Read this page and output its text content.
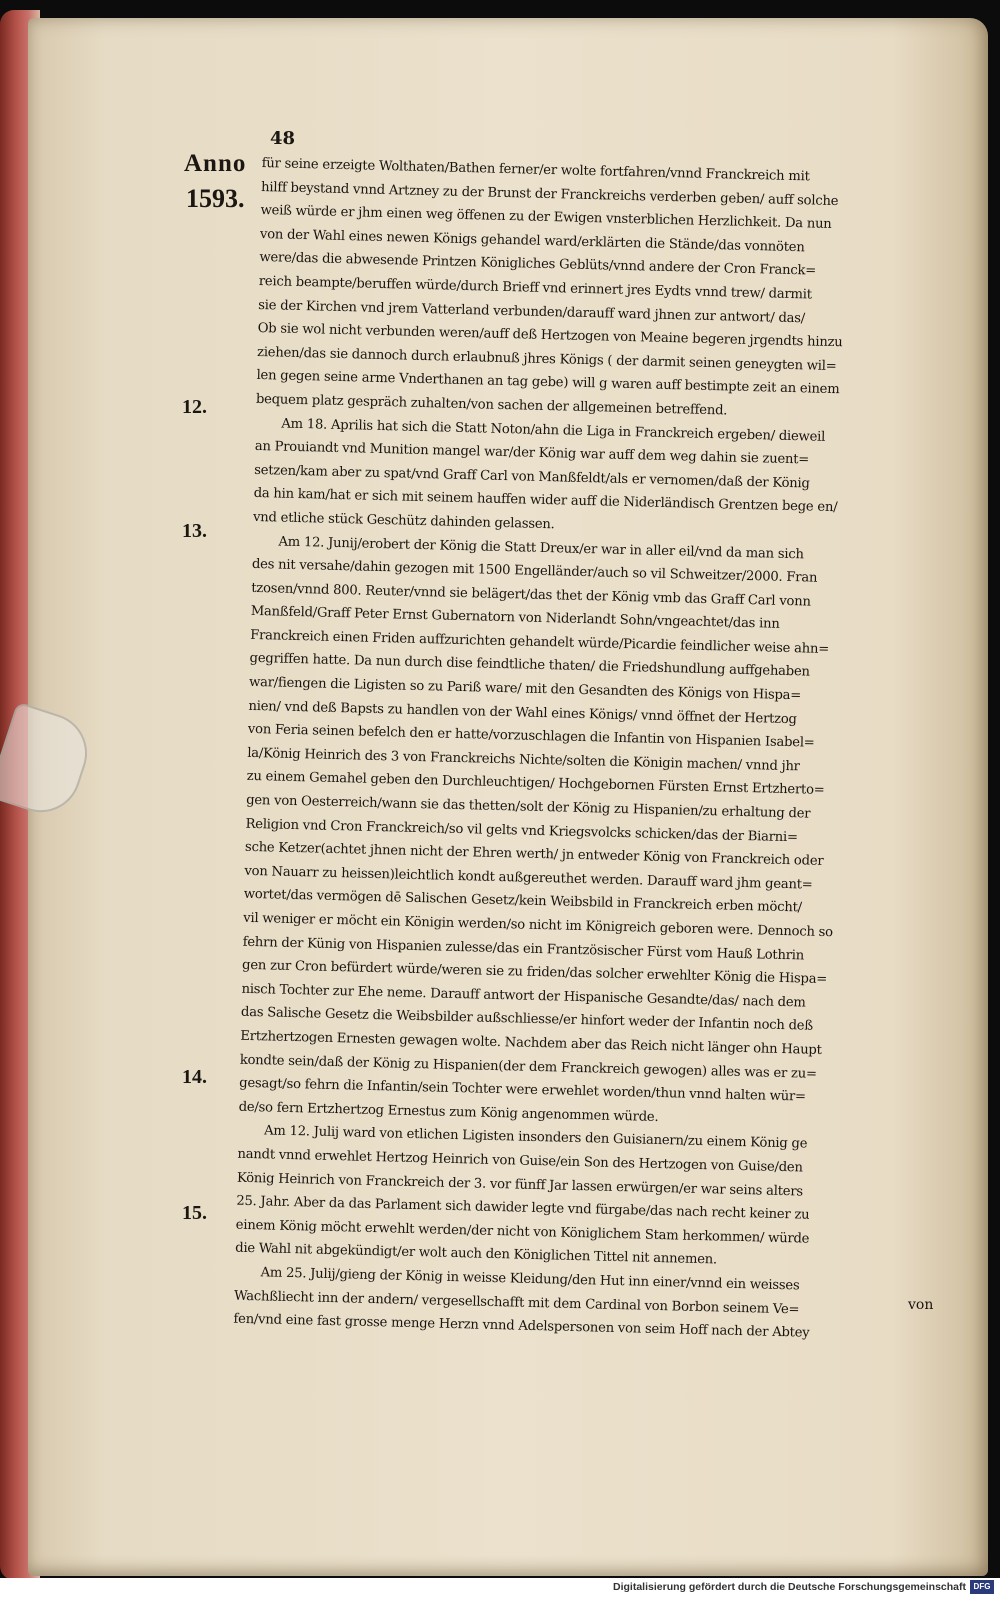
48
Anno
1593.
12.
13.
14.
15.
für seine erzeigte Wolthaten/Bathen ferner/er wolte fortfahren/vnnd Franckreich mit
hilff beystand vnnd Artzney zu der Brunst der Franckreichs verderben geben/ auff solche
weiß würde er jhm einen weg öffenen zu der Ewigen vnsterblichen Herzlichkeit. Da nun
von der Wahl eines newen Königs gehandel ward/erklärten die Stände/das vonnöten
were/das die abwesende Printzen Königliches Geblüts/vnnd andere der Cron Franck=
reich beampte/beruffen würde/durch Brieff vnd erinnert jres Eydts vnnd trew/ darmit
sie der Kirchen vnd jrem Vatterland verbunden/darauff ward jhnen zur antwort/ das/
Ob sie wol nicht verbunden weren/auff deß Hertzogen von Meaine begeren jrgendts hinzu
ziehen/das sie dannoch durch erlaubnuß jhres Königs ( der darmit seinen geneygten wil=
len gegen seine arme Vnderthanen an tag gebe) will g waren auff bestimpte zeit an einem
bequem platz gespräch zuhalten/von sachen der allgemeinen betreffend.
Am 18. Aprilis hat sich die Statt Noton/ahn die Liga in Franckreich ergeben/ dieweil
an Prouiandt vnd Munition mangel war/der König war auff dem weg dahin sie zuent=
setzen/kam aber zu spat/vnd Graff Carl von Manßfeldt/als er vernomen/daß der König
da hin kam/hat er sich mit seinem hauffen wider auff die Niderländisch Grentzen bege en/
vnd etliche stück Geschütz dahinden gelassen.
Am 12. Junij/erobert der König die Statt Dreux/er war in aller eil/vnd da man sich
des nit versahe/dahin gezogen mit 1500 Engelländer/auch so vil Schweitzer/2000. Fran
tzosen/vnnd 800. Reuter/vnnd sie belägert/das thet der König vmb das Graff Carl vonn
Manßfeld/Graff Peter Ernst Gubernatorn von Niderlandt Sohn/vngeachtet/das inn
Franckreich einen Friden auffzurichten gehandelt würde/Picardie feindlicher weise ahn=
gegriffen hatte. Da nun durch dise feindtliche thaten/ die Friedshundlung auffgehaben
war/fiengen die Ligisten so zu Pariß ware/ mit den Gesandten des Königs von Hispa=
nien/ vnd deß Bapsts zu handlen von der Wahl eines Königs/ vnnd öffnet der Hertzog
von Feria seinen befelch den er hatte/vorzuschlagen die Infantin von Hispanien Isabel=
la/König Heinrich des 3 von Franckreichs Nichte/solten die Königin machen/ vnnd jhr
zu einem Gemahel geben den Durchleuchtigen/ Hochgebornen Fürsten Ernst Ertzherto=
gen von Oesterreich/wann sie das thetten/solt der König zu Hispanien/zu erhaltung der
Religion vnd Cron Franckreich/so vil gelts vnd Kriegsvolcks schicken/das der Biarni=
sche Ketzer(achtet jhnen nicht der Ehren werth/ jn entweder König von Franckreich oder
von Nauarr zu heissen)leichtlich kondt außgereuthet werden. Darauff ward jhm geant=
wortet/das vermögen dē Salischen Gesetz/kein Weibsbild in Franckreich erben möcht/
vil weniger er möcht ein Königin werden/so nicht im Königreich geboren were. Dennoch so
fehrn der Künig von Hispanien zulesse/das ein Frantzösischer Fürst vom Hauß Lothrin
gen zur Cron befürdert würde/weren sie zu friden/das solcher erwehlter König die Hispa=
nisch Tochter zur Ehe neme. Darauff antwort der Hispanische Gesandte/das/ nach dem
das Salische Gesetz die Weibsbilder außschliesse/er hinfort weder der Infantin noch deß
Ertzhertzogen Ernesten gewagen wolte. Nachdem aber das Reich nicht länger ohn Haupt
kondte sein/daß der König zu Hispanien(der dem Franckreich gewogen) alles was er zu=
gesagt/so fehrn die Infantin/sein Tochter were erwehlet worden/thun vnnd halten wür=
de/so fern Ertzhertzog Ernestus zum König angenommen würde.
Am 12. Julij ward von etlichen Ligisten insonders den Guisianern/zu einem König ge
nandt vnnd erwehlet Hertzog Heinrich von Guise/ein Son des Hertzogen von Guise/den
König Heinrich von Franckreich der 3. vor fünff Jar lassen erwürgen/er war seins alters
25. Jahr. Aber da das Parlament sich dawider legte vnd fürgabe/das nach recht keiner zu
einem König möcht erwehlt werden/der nicht von Königlichem Stam herkommen/ würde
die Wahl nit abgekündigt/er wolt auch den Königlichen Tittel nit annemen.
Am 25. Julij/gieng der König in weisse Kleidung/den Hut inn einer/vnnd ein weisses
Wachßliecht inn der andern/ vergesellschafft mit dem Cardinal von Borbon seinem Ve=
fen/vnd eine fast grosse menge Herzn vnnd Adelspersonen von seim Hoff nach der Abtey
von
Digitalisierung gefördert durch die Deutsche Forschungsgemeinschaft DFG
